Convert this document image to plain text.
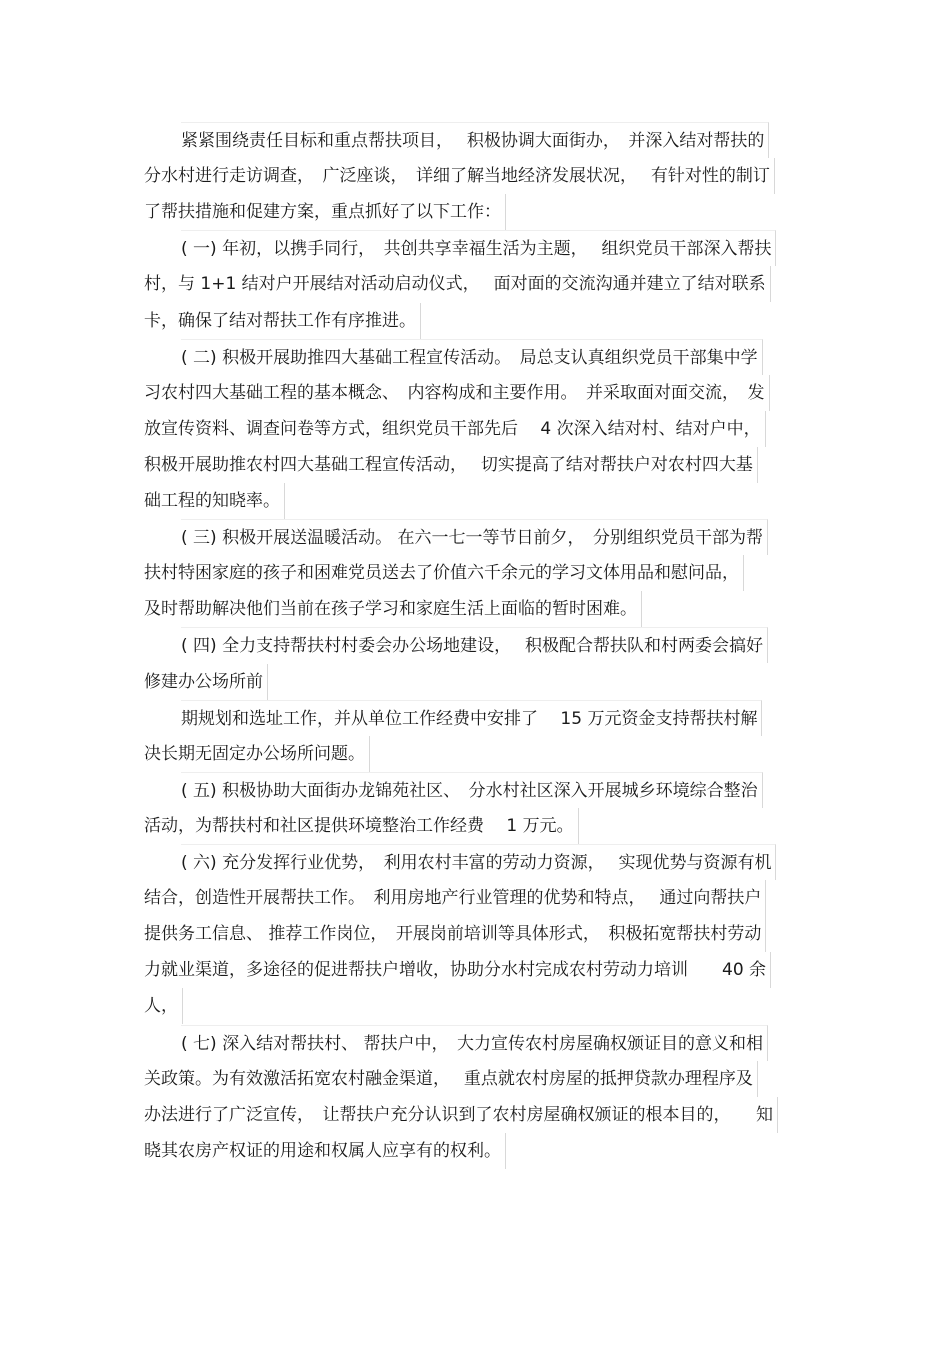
紧紧围绕责任目标和重点帮扶项目，　 积极协调大面街办，　并深入结对帮扶的
分水村进行走访调查，　广泛座谈，　详细了解当地经济发展状况，　 有针对性的制订
了帮扶措施和促建方案，重点抓好了以下工作：
( 一) 年初，以携手同行，　共创共享幸福生活为主题，　 组织党员干部深入帮扶
村，与 1+1 结对户开展结对活动启动仪式，　 面对面的交流沟通并建立了结对联系
卡，确保了结对帮扶工作有序推进。
( 二) 积极开展助推四大基础工程宣传活动。　局总支认真组织党员干部集中学
习农村四大基础工程的基本概念、　内容构成和主要作用。　并采取面对面交流，　发
放宣传资料、调查问卷等方式，组织党员干部先后　 4 次深入结对村、结对户中，
积极开展助推农村四大基础工程宣传活动，　 切实提高了结对帮扶户对农村四大基
础工程的知晓率。
( 三) 积极开展送温暖活动。 在六一七一等节日前夕，　分别组织党员干部为帮
扶村特困家庭的孩子和困难党员送去了价值六千余元的学习文体用品和慰问品，
及时帮助解决他们当前在孩子学习和家庭生活上面临的暂时困难。
( 四) 全力支持帮扶村村委会办公场地建设，　 积极配合帮扶队和村两委会搞好
修建办公场所前
期规划和选址工作，并从单位工作经费中安排了　 15 万元资金支持帮扶村解
决长期无固定办公场所问题。
( 五) 积极协助大面街办龙锦苑社区、　分水村社区深入开展城乡环境综合整治
活动，为帮扶村和社区提供环境整治工作经费　 1 万元。
( 六) 充分发挥行业优势，　利用农村丰富的劳动力资源，　 实现优势与资源有机
结合，创造性开展帮扶工作。　利用房地产行业管理的优势和特点，　 通过向帮扶户
提供务工信息、 推荐工作岗位，　开展岗前培训等具体形式，　积极拓宽帮扶村劳动
力就业渠道，多途径的促进帮扶户增收，协助分水村完成农村劳动力培训　　40 余
人，
( 七) 深入结对帮扶村、 帮扶户中，　大力宣传农村房屋确权颁证目的意义和相
关政策。为有效激活拓宽农村融金渠道，　 重点就农村房屋的抵押贷款办理程序及
办法进行了广泛宣传，　让帮扶户充分认识到了农村房屋确权颁证的根本目的，　　知
晓其农房产权证的用途和权属人应享有的权利。
